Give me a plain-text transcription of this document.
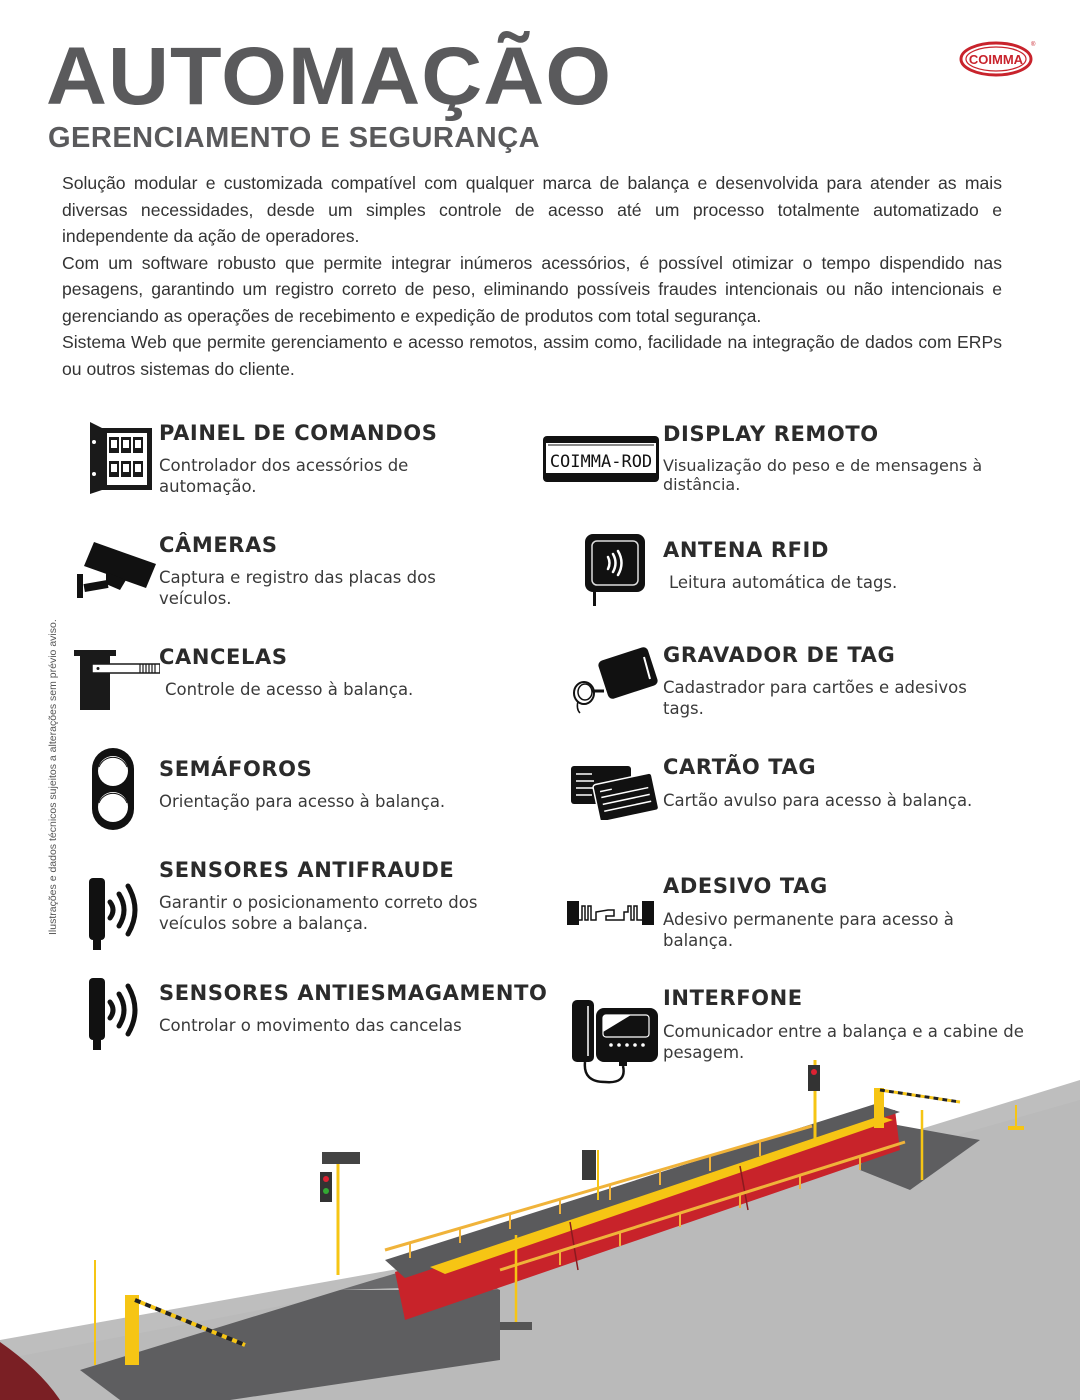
AUTOMAÇÃO
GERENCIAMENTO E SEGURANÇA
COIMMA
®

Solução modular e customizada compatível com qualquer marca de balança e desenvolvida para atender as mais diversas necessidades, desde um simples controle de acesso até um processo totalmente automatizado e independente da ação de operadores.

Com um software robusto que permite integrar inúmeros acessórios, é possível otimizar o tempo dispendido nas pesagens, garantindo um registro correto de peso, eliminando possíveis fraudes intencionais ou não intencionais e gerenciando as operações de recebimento e expedição de produtos com total segurança.

Sistema Web que permite gerenciamento e acesso remotos, assim como, facilidade na integração de dados com ERPs ou outros sistemas do cliente.

Ilustrações e dados técnicos sujeitos a alterações sem prévio aviso.
PAINEL DE COMANDOS
Controlador dos acessórios de automação.
CÂMERAS
Captura e registro das placas dos veículos.
CANCELAS
Controle de acesso à balança.
SEMÁFOROS
Orientação para acesso à balança.
SENSORES ANTIFRAUDE
Garantir o posicionamento correto dos veículos sobre a balança.
SENSORES ANTIESMAGAMENTO
Controlar o movimento das cancelas
COIMMA-ROD
DISPLAY REMOTO
Visualização do peso e de mensagens à distância.
ANTENA RFID
Leitura automática de tags.
GRAVADOR DE TAG
Cadastrador para cartões e adesivos tags.
CARTÃO TAG
Cartão avulso para acesso à balança.
ADESIVO TAG
Adesivo permanente para acesso à balança.
INTERFONE
Comunicador entre a balança e a cabine de pesagem.
